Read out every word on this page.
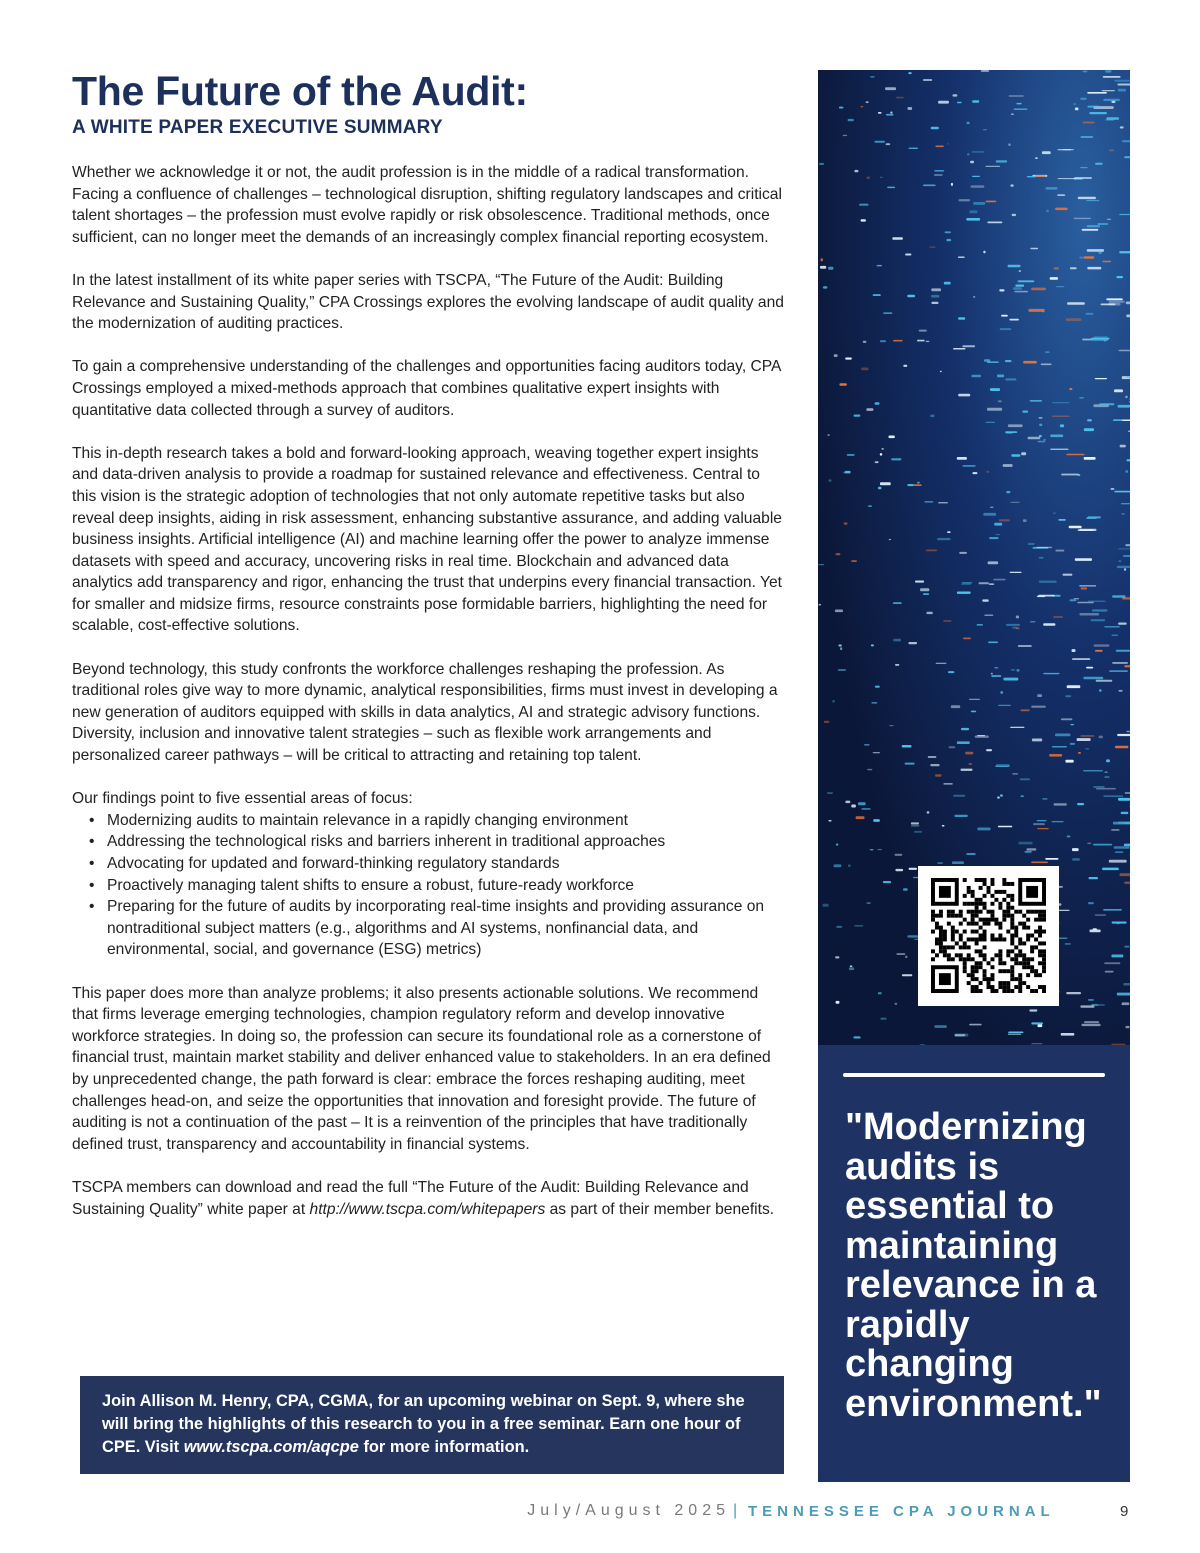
The Future of the Audit:
A WHITE PAPER EXECUTIVE SUMMARY

Whether we acknowledge it or not, the audit profession is in the middle of a radical transformation. Facing a confluence of challenges – technological disruption, shifting regulatory landscapes and critical talent shortages – the profession must evolve rapidly or risk obsolescence. Traditional methods, once sufficient, can no longer meet the demands of an increasingly complex financial reporting ecosystem.

In the latest installment of its white paper series with TSCPA, “The Future of the Audit: Building Relevance and Sustaining Quality,” CPA Crossings explores the evolving landscape of audit quality and the modernization of auditing practices.

To gain a comprehensive understanding of the challenges and opportunities facing auditors today, CPA Crossings employed a mixed-methods approach that combines qualitative expert insights with quantitative data collected through a survey of auditors.

This in-depth research takes a bold and forward-looking approach, weaving together expert insights and data-driven analysis to provide a roadmap for sustained relevance and effectiveness. Central to this vision is the strategic adoption of technologies that not only automate repetitive tasks but also reveal deep insights, aiding in risk assessment, enhancing substantive assurance, and adding valuable business insights. Artificial intelligence (AI) and machine learning offer the power to analyze immense datasets with speed and accuracy, uncovering risks in real time. Blockchain and advanced data analytics add transparency and rigor, enhancing the trust that underpins every financial transaction. Yet for smaller and midsize firms, resource constraints pose formidable barriers, highlighting the need for scalable, cost-effective solutions.

Beyond technology, this study confronts the workforce challenges reshaping the profession. As traditional roles give way to more dynamic, analytical responsibilities, firms must invest in developing a new generation of auditors equipped with skills in data analytics, AI and strategic advisory functions. Diversity, inclusion and innovative talent strategies – such as flexible work arrangements and personalized career pathways – will be critical to attracting and retaining top talent.

Our findings point to five essential areas of focus:
• Modernizing audits to maintain relevance in a rapidly changing environment
• Addressing the technological risks and barriers inherent in traditional approaches
• Advocating for updated and forward-thinking regulatory standards
• Proactively managing talent shifts to ensure a robust, future-ready workforce
• Preparing for the future of audits by incorporating real-time insights and providing assurance on nontraditional subject matters (e.g., algorithms and AI systems, nonfinancial data, and environmental, social, and governance (ESG) metrics)

This paper does more than analyze problems; it also presents actionable solutions. We recommend that firms leverage emerging technologies, champion regulatory reform and develop innovative workforce strategies. In doing so, the profession can secure its foundational role as a cornerstone of financial trust, maintain market stability and deliver enhanced value to stakeholders. In an era defined by unprecedented change, the path forward is clear: embrace the forces reshaping auditing, meet challenges head-on, and seize the opportunities that innovation and foresight provide. The future of auditing is not a continuation of the past – It is a reinvention of the principles that have traditionally defined trust, transparency and accountability in financial systems.

TSCPA members can download and read the full “The Future of the Audit: Building Relevance and Sustaining Quality” white paper at http://www.tscpa.com/whitepapers as part of their member benefits.

Join Allison M. Henry, CPA, CGMA, for an upcoming webinar on Sept. 9, where she will bring the highlights of this research to you in a free seminar. Earn one hour of CPE. Visit www.tscpa.com/aqcpe for more information.
"Modernizing audits is essential to maintaining relevance in a rapidly changing environment."
July/August 2025 | TENNESSEE CPA JOURNAL	9
